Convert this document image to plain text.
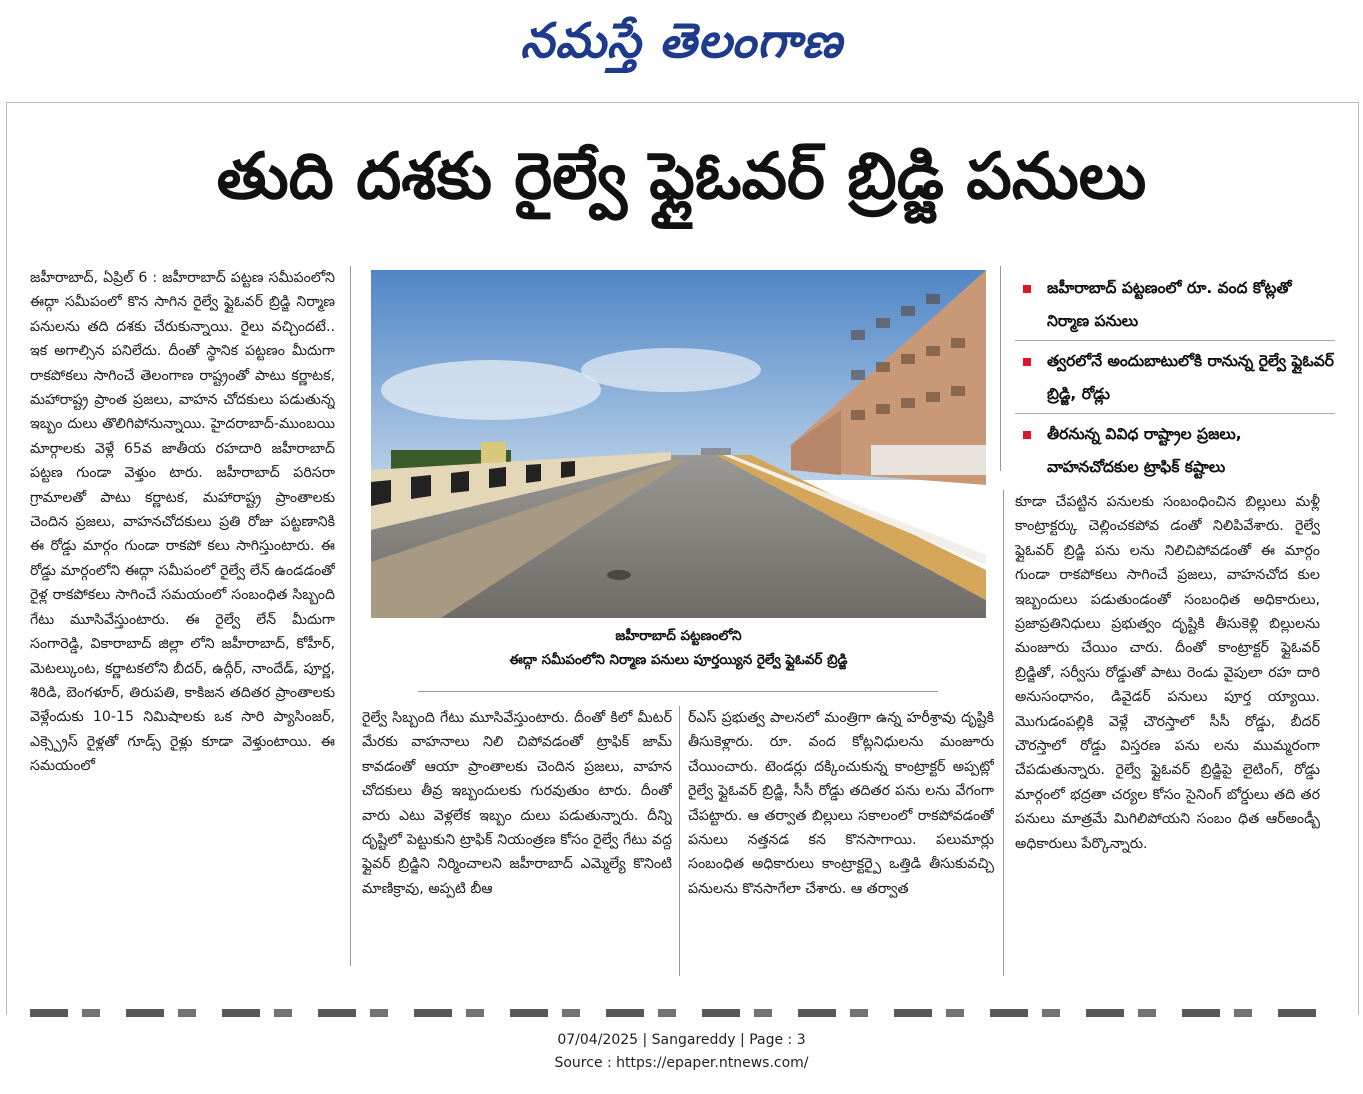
నమస్తే తెలంగాణ
తుది దశకు రైల్వే ఫ్లైఓవర్ బ్రిడ్జి పనులు

జహీరాబాద్, ఏప్రిల్ 6 : జహీరాబాద్ పట్టణ సమీపంలోని ఈద్గా సమీపంలో కొన సాగిన రైల్వే ఫ్లైఓవర్ బ్రిడ్జి నిర్మాణ పనులను తది దశకు చేరుకున్నాయి. రైలు వచ్చిందటే.. ఇక అగాల్సిన పనిలేదు. దీంతో స్థానిక పట్టణం మీదుగా రాకపోకలు సాగించే తెలంగాణ రాష్ట్రంతో పాటు కర్ణాటక, మహారాష్ట్ర ప్రాంత ప్రజలు, వాహన చోదకులు పడుతున్న ఇబ్బం దులు తొలిగిపోనున్నాయి. హైదరాబాద్-ముంబయి మార్గాలకు వెళ్లే 65వ జాతీయ రహదారి జహీరాబాద్ పట్టణ గుండా వెళ్తుం టారు. జహీరాబాద్ పరిసరా గ్రామాలతో పాటు కర్ణాటక, మహారాష్ట్ర ప్రాంతాలకు చెందిన ప్రజలు, వాహనచోదకులు ప్రతి రోజు పట్టణానికి ఈ రోడ్డు మార్గం గుండా రాకపో కలు సాగిస్తుంటారు. ఈ రోడ్డు మార్గంలోని ఈద్గా సమీపంలో రైల్వే లేన్ ఉండడంతో రైళ్ల రాకపోకలు సాగించే సమయంలో సంబంధిత సిబ్బంది గేటు మూసివేస్తుంటారు. ఈ రైల్వే లేన్ మీదుగా సంగారెడ్డి, వికారాబాద్ జిల్లా లోని జహీరాబాద్, కోహీర్, మెటల్కుంట, కర్ణాటకలోని బీదర్, ఉద్గీర్, నాందేడ్, పూర్ణ, శిరిడి, బెంగళూర్, తిరుపతి, కాకిజన తదితర ప్రాంతాలకు వెళ్లేందుకు 10-15 నిమిషాలకు ఒక సారి ప్యాసింజర్, ఎక్స్ప్రెస్ రైళ్లతో గూడ్స్ రైళ్లు కూడా వెళ్తుంటాయి. ఈ సమయంలో

జహీరాబాద్ పట్టణంలోని
ఈద్గా సమీపంలోని నిర్మాణ పనులు పూర్తయ్యిన రైల్వే ఫ్లైఓవర్ బ్రిడ్జి
జహీరాబాద్ పట్టణంలో రూ. వంద కోట్లతో నిర్మాణ పనులు
త్వరలోనే అందుబాటులోకి రానున్న రైల్వే ఫ్లైఓవర్ బ్రిడ్జి, రోడ్లు
తీరనున్న వివిధ రాష్ట్రాల ప్రజలు, వాహనచోదకుల ట్రాఫిక్ కష్టాలు

రైల్వే సిబ్బంది గేటు మూసివేస్తుంటారు. దీంతో కిలో మీటర్ మేరకు వాహనాలు నిలి చిపోవడంతో ట్రాఫిక్ జామ్ కావడంతో ఆయా ప్రాంతాలకు చెందిన ప్రజలు, వాహన చోదకులు తీవ్ర ఇబ్బందులకు గురవుతుం టారు. దీంతో వారు ఎటు వెళ్లలేక ఇబ్బం దులు పడుతున్నారు. దీన్ని దృష్టిలో పెట్టుకుని ట్రాఫిక్ నియంత్రణ కోసం రైల్వే గేటు వద్ద ఫ్లైవర్ బ్రిడ్జిని నిర్మించాలని జహీరాబాద్ ఎమ్మెల్యే కొనింటి మాణిక్రావు, అప్పటి బీఆ

ర్ఎస్ ప్రభుత్వ పాలనలో మంత్రిగా ఉన్న హరీశ్రావు దృష్టికి తీసుకెళ్లారు. రూ. వంద కోట్లనిధులను మంజూరు చేయించారు. టెండర్లు దక్కించుకున్న కాంట్రాక్టర్ అప్పట్లో రైల్వే ఫ్లైఓవర్ బ్రిడ్జి, సీసీ రోడ్డు తదితర పను లను వేగంగా చేపట్టారు. ఆ తర్వాత బిల్లులు సకాలంలో రాకపోవడంతో పనులు నత్తనడ కన కొనసాగాయి. పలుమార్లు సంబంధిత అధికారులు కాంట్రాక్టర్పై ఒత్తిడి తీసుకువచ్చి పనులను కొనసాగేలా చేశారు. ఆ తర్వాత

కూడా చేపట్టిన పనులకు సంబంధించిన బిల్లులు మళ్లీ కాంట్రాక్టర్కు చెల్లించకపోవ డంతో నిలిపివేశారు. రైల్వే ఫ్లైఓవర్ బ్రిడ్జి పను లను నిలిచిపోవడంతో ఈ మార్గం గుండా రాకపోకలు సాగించే ప్రజలు, వాహనచోద కుల ఇబ్బందులు పడుతుండంతో సంబంధిత అధికారులు, ప్రజాప్రతినిధులు ప్రభుత్వం దృష్టికి తీసుకెళ్లి బిల్లులను మంజూరు చేయిం చారు. దీంతో కాంట్రాక్టర్ ఫ్లైఓవర్ బ్రిడ్జితో, సర్వీసు రోడ్డుతో పాటు రెండు వైపులా రహ దారి అనుసంధానం, డివైడర్ పనులు పూర్త య్యాయి. మొగుడంపల్లికి వెళ్లే చౌరస్తాలో సీసీ రోడ్డు, బీదర్ చౌరస్తాలో రోడ్డు విస్తరణ పను లను ముమ్మరంగా చేపడుతున్నారు. రైల్వే ఫ్లైఓవర్ బ్రిడ్జిపై లైటింగ్, రోడ్డు మార్గంలో భద్రతా చర్యల కోసం సైనింగ్ బోర్డులు తది తర పనులు మాత్రమే మిగిలిపోయని సంబం ధిత ఆర్అండ్బీ అధికారులు పేర్కొన్నారు.

07/04/2025 | Sangareddy | Page : 3
Source : https://epaper.ntnews.com/
